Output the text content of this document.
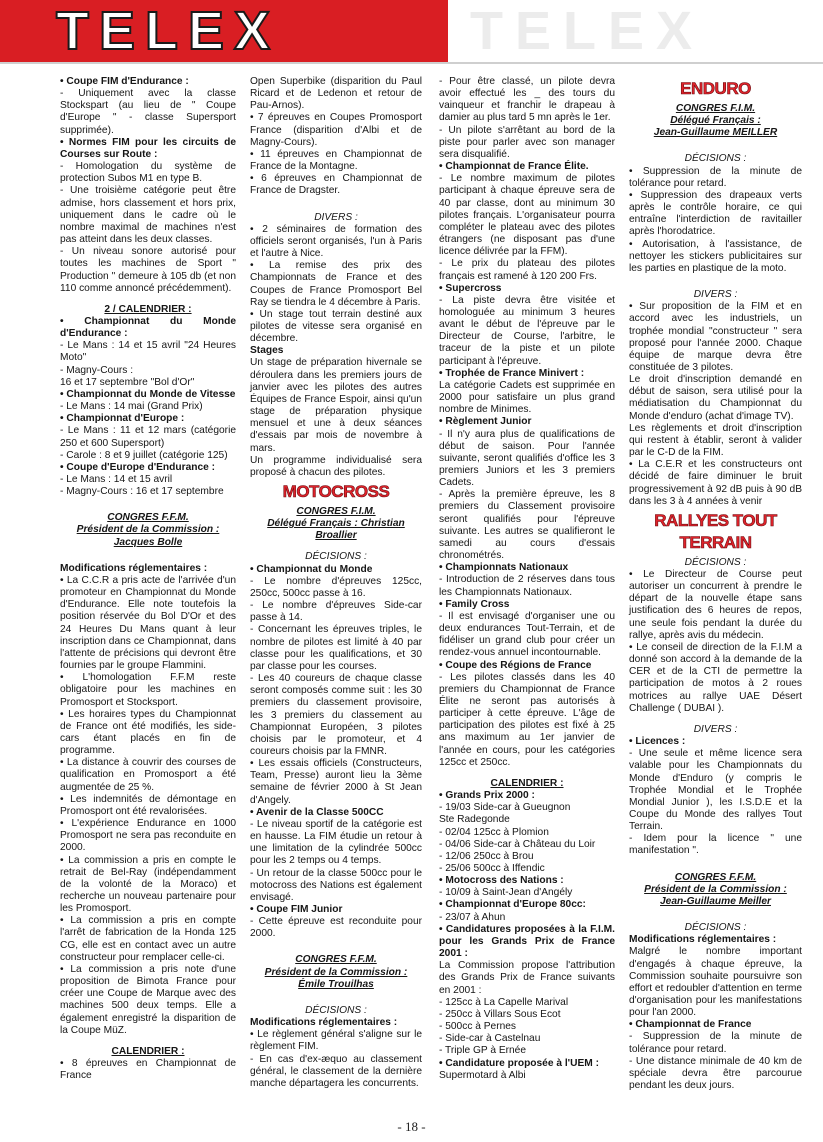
TELEX	TELEX

• Coupe FIM d'Endurance :

- Uniquement avec la classe Stockspart (au lieu de " Coupe d'Europe " - classe Supersport supprimée).

• Normes FIM pour les circuits de Courses sur Route :

- Homologation du système de protection Subos M1 en type B.

- Une troisième catégorie peut être admise, hors classement et hors prix, uniquement dans le cadre où le nombre maximal de machines n'est pas atteint dans les deux classes.

- Un niveau sonore autorisé pour toutes les machines de Sport " Production " demeure à 105 db (et non 110 comme annoncé précédemment).

2 / CALENDRIER :

• Championnat du Monde d'Endurance :

- Le Mans : 14 et 15 avril "24 Heures Moto"

- Magny-Cours :

16 et 17 septembre "Bol d'Or"

• Championnat du Monde de Vitesse

- Le Mans : 14 mai (Grand Prix)

• Championnat d'Europe :

- Le Mans : 11 et 12 mars (catégorie 250 et 600 Supersport)

- Carole : 8 et 9 juillet (catégorie 125)

• Coupe d'Europe d'Endurance :

- Le Mans : 14 et 15 avril

- Magny-Cours : 16 et 17 septembre

CONGRES F.F.M.

Président de la Commission :

Jacques Bolle

Modifications réglementaires :

• La C.C.R a pris acte de l'arrivée d'un promoteur en Championnat du Monde d'Endurance. Elle note toutefois la position réservée du Bol D'Or et des 24 Heures Du Mans quant à leur inscription dans ce Championnat, dans l'attente de précisions qui devront être fournies par le groupe Flammini.

• L'homologation F.F.M reste obligatoire pour les machines en Promosport et Stocksport.

• Les horaires types du Championnat de France ont été modifiés, les side-cars étant placés en fin de programme.

• La distance à couvrir des courses de qualification en Promosport a été augmentée de 25 %.

• Les indemnités de démontage en Promosport ont été revalorisées.

• L'expérience Endurance en 1000 Promosport ne sera pas reconduite en 2000.

• La commission a pris en compte le retrait de Bel-Ray (indépendamment de la volonté de la Moraco) et recherche un nouveau partenaire pour les Promosport.

• La commission a pris en compte l'arrêt de fabrication de la Honda 125 CG, elle est en contact avec un autre constructeur pour remplacer celle-ci.

• La commission a pris note d'une proposition de Bimota France pour créer une Coupe de Marque avec des machines 500 deux temps. Elle a également enregistré la disparition de la Coupe MüZ.

CALENDRIER :

• 8 épreuves en Championnat de France

Open Superbike (disparition du Paul Ricard et de Ledenon et retour de Pau-Arnos).

• 7 épreuves en Coupes Promosport France (disparition d'Albi et de Magny-Cours).

• 11 épreuves en Championnat de France de la Montagne.

• 6 épreuves en Championnat de France de Dragster.

DIVERS :

• 2 séminaires de formation des officiels seront organisés, l'un à Paris et l'autre à Nice.

• La remise des prix des Championnats de France et des Coupes de France Promosport Bel Ray se tiendra le 4 décembre à Paris.

• Un stage tout terrain destiné aux pilotes de vitesse sera organisé en décembre.

Stages

Un stage de préparation hivernale se déroulera dans les premiers jours de janvier avec les pilotes des autres Équipes de France Espoir, ainsi qu'un stage de préparation physique mensuel et une à deux séances d'essais par mois de novembre à mars.

Un programme individualisé sera proposé à chacun des pilotes.

MOTOCROSS

CONGRES F.I.M.

Délégué Français : Christian Broallier

DÉCISIONS :

• Championnat du Monde

- Le nombre d'épreuves 125cc, 250cc, 500cc passe à 16.

- Le nombre d'épreuves Side-car passe à 14.

- Concernant les épreuves triples, le nombre de pilotes est limité à 40 par classe pour les qualifications, et 30 par classe pour les courses.

- Les 40 coureurs de chaque classe seront composés comme suit : les 30 premiers du classement provisoire, les 3 premiers du classement au Championnat Européen, 3 pilotes choisis par le promoteur, et 4 coureurs choisis par la FMNR.

• Les essais officiels (Constructeurs, Team, Presse) auront lieu la 3ème semaine de février 2000 à St Jean d'Angely.

• Avenir de la Classe 500CC

- Le niveau sportif de la catégorie est en hausse. La FIM étudie un retour à une limitation de la cylindrée 500cc pour les 2 temps ou 4 temps.

- Un retour de la classe 500cc pour le motocross des Nations est également envisagé.

• Coupe FIM Junior

- Cette épreuve est reconduite pour 2000.

CONGRES F.F.M.

Président de la Commission :

Émile Trouilhas

DÉCISIONS :

Modifications réglementaires :

• Le règlement général s'aligne sur le règlement FIM.

- En cas d'ex-æquo au classement général, le classement de la dernière manche départagera les concurrents.

- Pour être classé, un pilote devra avoir effectué les _ des tours du vainqueur et franchir le drapeau à damier au plus tard 5 mn après le 1er.

- Un pilote s'arrêtant au bord de la piste pour parler avec son manager sera disqualifié.

• Championnat de France Élite.

- Le nombre maximum de pilotes participant à chaque épreuve sera de 40 par classe, dont au minimum 30 pilotes français. L'organisateur pourra compléter le plateau avec des pilotes étrangers (ne disposant pas d'une licence délivrée par la FFM).

- Le prix du plateau des pilotes français est ramené à 120 200 Frs.

• Supercross

- La piste devra être visitée et homologuée au minimum 3 heures avant le début de l'épreuve par le Directeur de Course, l'arbitre, le traceur de la piste et un pilote participant à l'épreuve.

• Trophée de France Minivert :

La catégorie Cadets est supprimée en 2000 pour satisfaire un plus grand nombre de Minimes.

• Règlement Junior

- Il n'y aura plus de qualifications de début de saison. Pour l'année suivante, seront qualifiés d'office les 3 premiers Juniors et les 3 premiers Cadets.

- Après la première épreuve, les 8 premiers du Classement provisoire seront qualifiés pour l'épreuve suivante. Les autres se qualifieront le samedi au cours d'essais chronométrés.

• Championnats Nationaux

- Introduction de 2 réserves dans tous les Championnats Nationaux.

• Family Cross

- Il est envisagé d'organiser une ou deux endurances Tout-Terrain, et de fidéliser un grand club pour créer un rendez-vous annuel incontournable.

• Coupe des Régions de France

- Les pilotes classés dans les 40 premiers du Championnat de France Élite ne seront pas autorisés à participer à cette épreuve. L'âge de participation des pilotes est fixé à 25 ans maximum au 1er janvier de l'année en cours, pour les catégories 125cc et 250cc.

CALENDRIER :

• Grands Prix 2000 :

- 19/03 Side-car à Gueugnon

Ste Radegonde

- 02/04 125cc à Plomion

- 04/06 Side-car à Château du Loir

- 12/06 250cc à Brou

- 25/06 500cc à Iffendic

• Motocross des Nations :

- 10/09 à Saint-Jean d'Angély

• Championnat d'Europe 80cc:

- 23/07 à Ahun

• Candidatures proposées à la F.I.M. pour les Grands Prix de France 2001 :

La Commission propose l'attribution des Grands Prix de France suivants en 2001 :

- 125cc à La Capelle Marival

- 250cc à Villars Sous Ecot

- 500cc à Pernes

- Side-car à Castelnau

- Triple GP à Ernée

• Candidature proposée à l'UEM :

Supermotard à Albi

ENDURO

CONGRES F.I.M.

Délégué Français :

Jean-Guillaume MEILLER

DÉCISIONS :

• Suppression de la minute de tolérance pour retard.

• Suppression des drapeaux verts après le contrôle horaire, ce qui entraîne l'interdiction de ravitailler après l'horodatrice.

• Autorisation, à l'assistance, de nettoyer les stickers publicitaires sur les parties en plastique de la moto.

DIVERS :

• Sur proposition de la FIM et en accord avec les industriels, un trophée mondial "constructeur " sera proposé pour l'année 2000. Chaque équipe de marque devra être constituée de 3 pilotes.

Le droit d'inscription demandé en début de saison, sera utilisé pour la médiatisation du Championnat du Monde d'enduro (achat d'image TV).

Les règlements et droit d'inscription qui restent à établir, seront à valider par le C-D de la FIM.

• La C.E.R et les constructeurs ont décidé de faire diminuer le bruit progressivement à 92 dB puis à 90 dB dans les 3 à 4 années à venir

RALLYES TOUT TERRAIN

DÉCISIONS :

• Le Directeur de Course peut autoriser un concurrent à prendre le départ de la nouvelle étape sans justification des 6 heures de repos, une seule fois pendant la durée du rallye, après avis du médecin.

• Le conseil de direction de la F.I.M a donné son accord à la demande de la CER et de la CTI de permettre la participation de motos à 2 roues motrices au rallye UAE Désert Challenge ( DUBAI ).

DIVERS :

• Licences :

- Une seule et même licence sera valable pour les Championnats du Monde d'Enduro (y compris le Trophée Mondial et le Trophée Mondial Junior ), les I.S.D.E et la Coupe du Monde des rallyes Tout Terrain.

- Idem pour la licence " une manifestation ".

CONGRES F.F.M.

Président de la Commission :

Jean-Guillaume Meiller

DÉCISIONS :

Modifications réglementaires :

Malgré le nombre important d'engagés à chaque épreuve, la Commission souhaite poursuivre son effort et redoubler d'attention en terme d'organisation pour les manifestations pour l'an 2000.

• Championnat de France

- Suppression de la minute de tolérance pour retard.

- Une distance minimale de 40 km de spéciale devra être parcourue pendant les deux jours.

- 18 -
